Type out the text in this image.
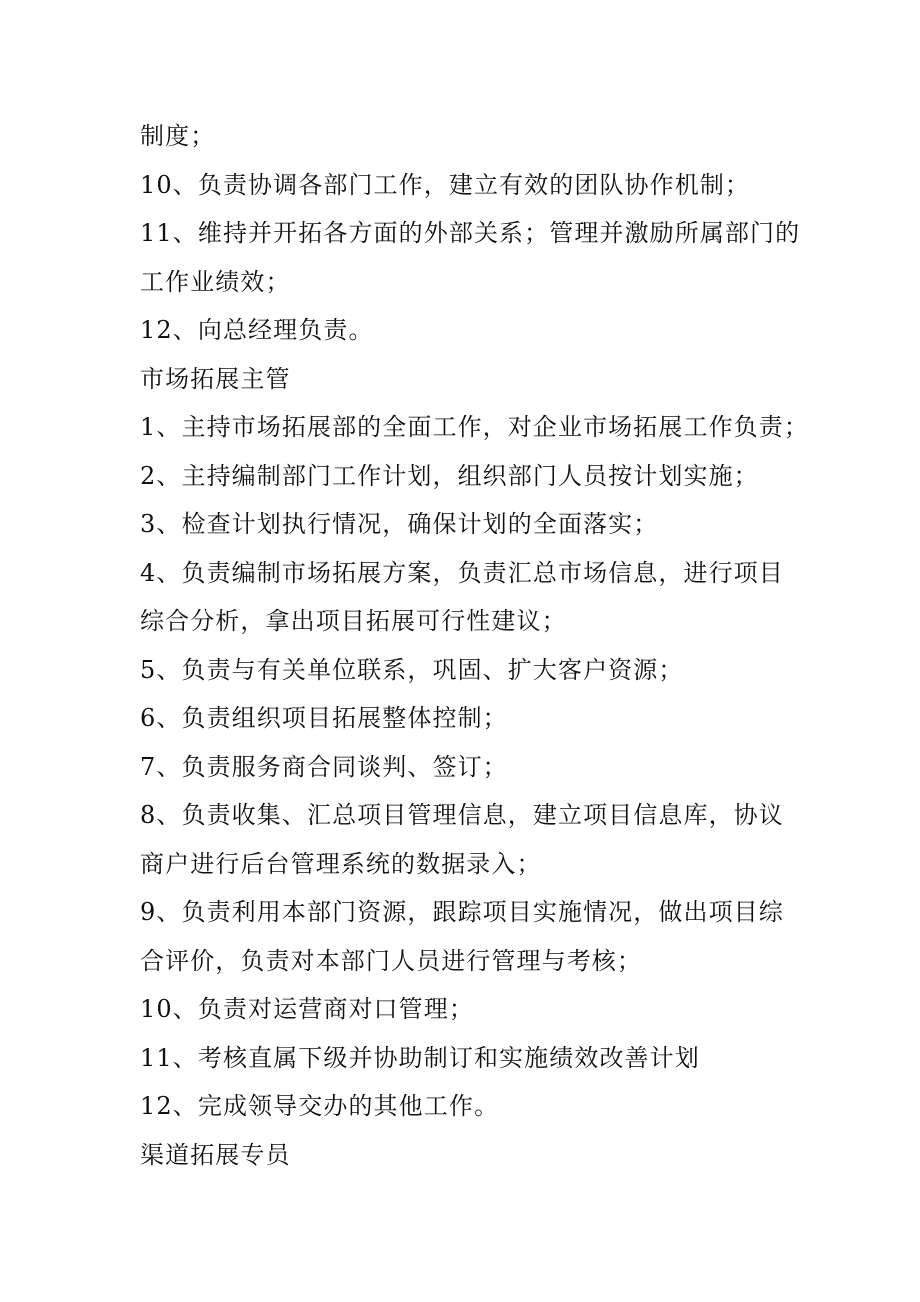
制度；
10、负责协调各部门工作，建立有效的团队协作机制；
11、维持并开拓各方面的外部关系；管理并激励所属部门的
工作业绩效；
12、向总经理负责。
市场拓展主管
1、主持市场拓展部的全面工作，对企业市场拓展工作负责；
2、主持编制部门工作计划，组织部门人员按计划实施；
3、检查计划执行情况，确保计划的全面落实；
4、负责编制市场拓展方案，负责汇总市场信息，进行项目
综合分析，拿出项目拓展可行性建议；
5、负责与有关单位联系，巩固、扩大客户资源；
6、负责组织项目拓展整体控制；
7、负责服务商合同谈判、签订；
8、负责收集、汇总项目管理信息，建立项目信息库，协议
商户进行后台管理系统的数据录入；
9、负责利用本部门资源，跟踪项目实施情况，做出项目综
合评价，负责对本部门人员进行管理与考核；
10、负责对运营商对口管理；
11、考核直属下级并协助制订和实施绩效改善计划
12、完成领导交办的其他工作。
渠道拓展专员
